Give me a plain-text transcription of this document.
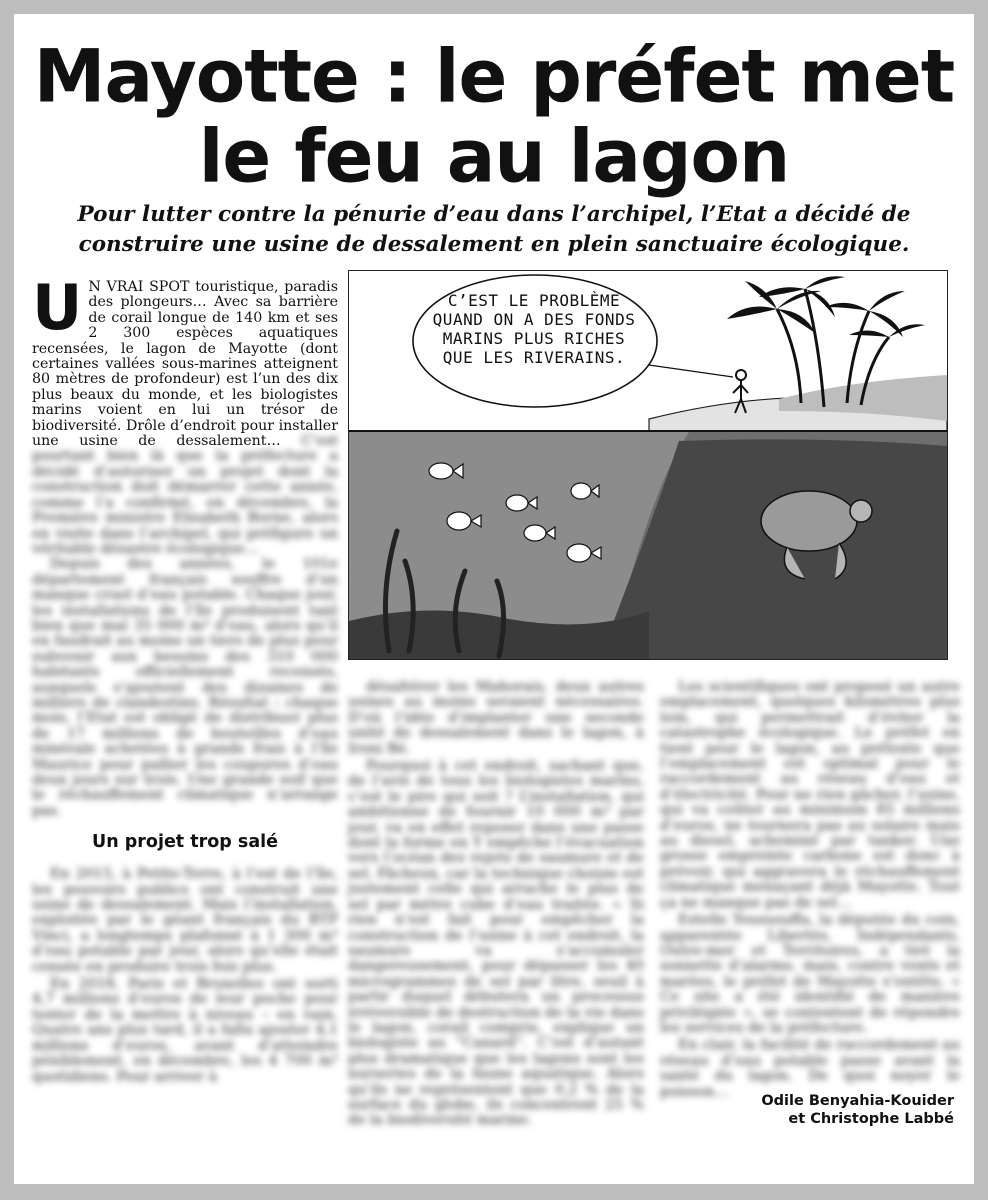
Mayotte : le préfet met le feu au lagon

Pour lutter contre la pénurie d’eau dans l’archipel, l’Etat a décidé de construire une usine de dessalement en plein sanctuaire écologique.

U N VRAI SPOT touristique, paradis des plongeurs… Avec sa barrière de corail longue de 140 km et ses 2 300 espèces aquatiques recensées, le lagon de Mayotte (dont certaines vallées sous-marines atteignent 80 mètres de profondeur) est l’un des dix plus beaux du monde, et les biologistes marins voient en lui un trésor de biodiversité. Drôle d’endroit pour installer une usine de dessalement… C’est pourtant bien là que la préfecture a décidé d’autoriser un projet dont la construction doit démarrer cette année, comme l’a confirmé, en décembre, la Première ministre Elisabeth Borne, alors en visite dans l’archipel, qui préfigure un véritable désastre écologique…

Depuis des années, le 101e département français souffre d’un manque cruel d’eau potable. Chaque jour, les installations de l’île produisent tant bien que mal 35 000 m³ d’eau, alors qu’il en faudrait au moins un tiers de plus pour subvenir aux besoins des 310 000 habitants officiellement recensés, auxquels s’ajoutent des dizaines de milliers de clandestins. Résultat : chaque mois, l’Etat est obligé de distribuer plus de 17 millions de bouteilles d’eau minérale achetées à grands frais à l’île Maurice pour pallier les coupures d’eau deux jours sur trois. Une grande soif que le réchauffement climatique n’arrange pas.

Un projet trop salé

En 2015, à Petite-Terre, à l’est de l’île, les pouvoirs publics ont construit une usine de dessalement. Mais l’installation, exploitée par le géant français du BTP Vinci, a longtemps plafonné à 1 300 m³ d’eau potable par jour, alors qu’elle était censée en produire trois fois plus.

En 2018, Paris et Bruxelles ont sorti 4,7 millions d’euros de leur poche pour tenter de la mettre à niveau – en vain. Quatre ans plus tard, il a fallu ajouter 4,1 millions d’euros, avant d’atteindre péniblement, en décembre, les 4 700 m³ quotidiens. Pour arriver à

C’EST LE PROBLÈME QUAND ON A DES FONDS MARINS PLUS RICHES QUE LES RIVERAINS.

désaltérer les Mahorais, deux autres usines au moins seraient nécessaires. D’où l’idée d’implanter une seconde unité de dessalement dans le lagon, à Ironi Bé.

Pourquoi à cet endroit, sachant que, de l’avis de tous les biologistes marins, c’est le pire qui soit ? L’installation, qui ambitionne de fournir 10 000 m³ par jour, va en effet reposer dans une passe dont la forme en Y empêche l’évacuation vers l’océan des rejets de saumure et de sel. Fâcheux, car la technique choisie est justement celle qui arrache le plus de sel par mètre cube d’eau traitée. « Si rien n’est fait pour empêcher la construction de l’usine à cet endroit, la saumure va s’accumuler dangereusement, pour dépasser les 40 microgrammes de sel par litre, seuil à partir duquel débutera un processus irréversible de destruction de la vie dans le lagon, corail compris, explique un biologiste au “Canard”. C’est d’autant plus dramatique que les lagons sont les nurseries de la faune aquatique. Alors qu’ils ne représentent que 0,2 % de la surface du globe, ils concentrent 25 % de la biodiversité marine.

Les scientifiques ont proposé un autre emplacement, quelques kilomètres plus loin, qui permettrait d’éviter la catastrophe écologique. Le préfet en tient pour le lagon, au prétexte que l’emplacement est optimal pour le raccordement au réseau d’eau et d’électricité. Pour ne rien gâcher, l’usine, qui va coûter au minimum 85 millions d’euros, ne tournera pas au solaire mais au diesel, acheminé par tanker. Une grosse empreinte carbone est donc à prévoir, qui aggravera le réchauffement climatique menaçant déjà Mayotte. Tout ça ne manque pas de sel…

Estelle Youssouffa, la députée du coin, apparentée Libertés, Indépendants, Outre-mer et Territoires, a tiré la sonnette d’alarme, mais, contre vents et marées, le préfet de Mayotte s’entête. « Ce site a été identifié de manière privilégiée », se contentent de répondre les services de la préfecture.

En clair, la facilité de raccordement au réseau d’eau potable passe avant la santé du lagon. De quoi noyer le poisson…

Odile Benyahia-Kouider
et Christophe Labbé
